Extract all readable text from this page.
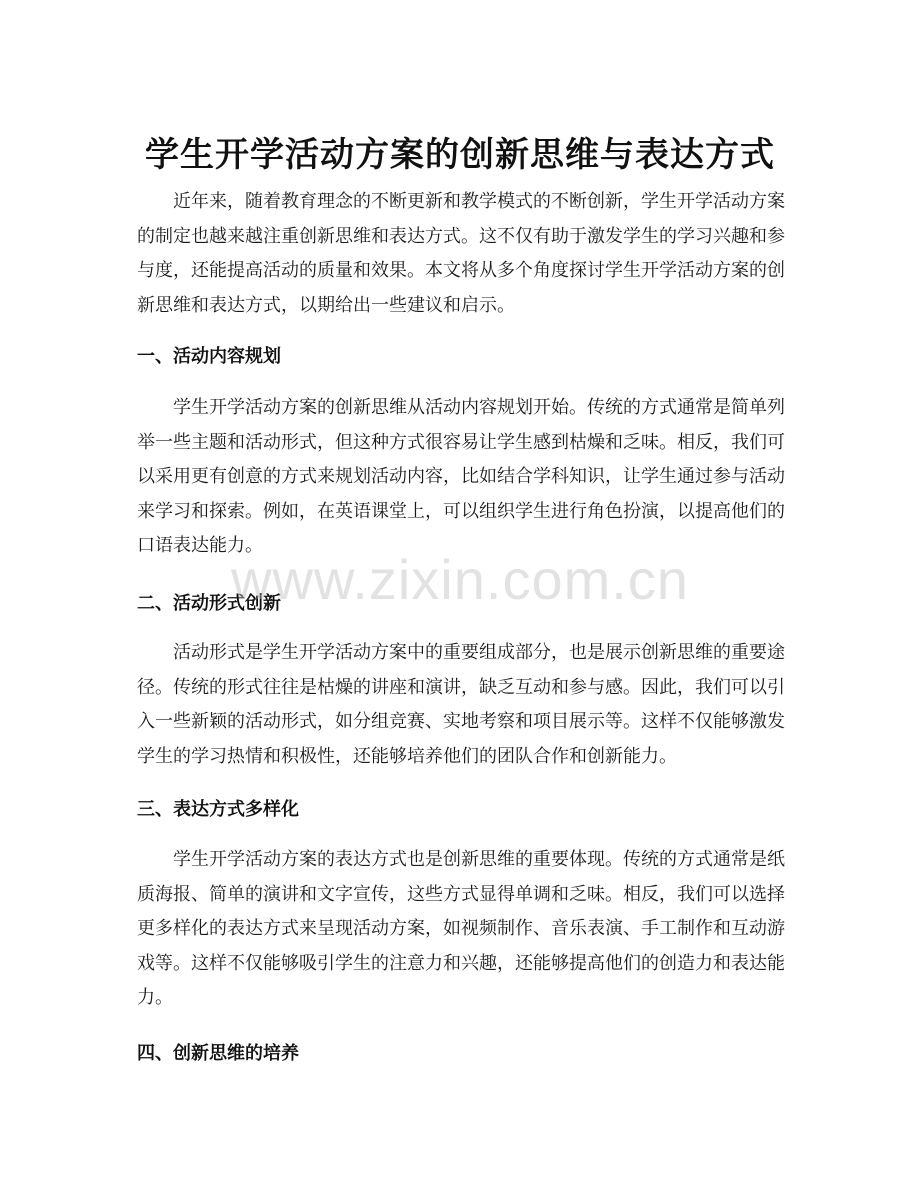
学生开学活动方案的创新思维与表达方式

近年来，随着教育理念的不断更新和教学模式的不断创新，学生开学活动方案的制定也越来越注重创新思维和表达方式。这不仅有助于激发学生的学习兴趣和参与度，还能提高活动的质量和效果。本文将从多个角度探讨学生开学活动方案的创新思维和表达方式，以期给出一些建议和启示。

一、活动内容规划

学生开学活动方案的创新思维从活动内容规划开始。传统的方式通常是简单列举一些主题和活动形式，但这种方式很容易让学生感到枯燥和乏味。相反，我们可以采用更有创意的方式来规划活动内容，比如结合学科知识，让学生通过参与活动来学习和探索。例如，在英语课堂上，可以组织学生进行角色扮演，以提高他们的口语表达能力。

二、活动形式创新

活动形式是学生开学活动方案中的重要组成部分，也是展示创新思维的重要途径。传统的形式往往是枯燥的讲座和演讲，缺乏互动和参与感。因此，我们可以引入一些新颖的活动形式，如分组竞赛、实地考察和项目展示等。这样不仅能够激发学生的学习热情和积极性，还能够培养他们的团队合作和创新能力。

三、表达方式多样化

学生开学活动方案的表达方式也是创新思维的重要体现。传统的方式通常是纸质海报、简单的演讲和文字宣传，这些方式显得单调和乏味。相反，我们可以选择更多样化的表达方式来呈现活动方案，如视频制作、音乐表演、手工制作和互动游戏等。这样不仅能够吸引学生的注意力和兴趣，还能够提高他们的创造力和表达能力。

四、创新思维的培养
www.zixin.com.cn
